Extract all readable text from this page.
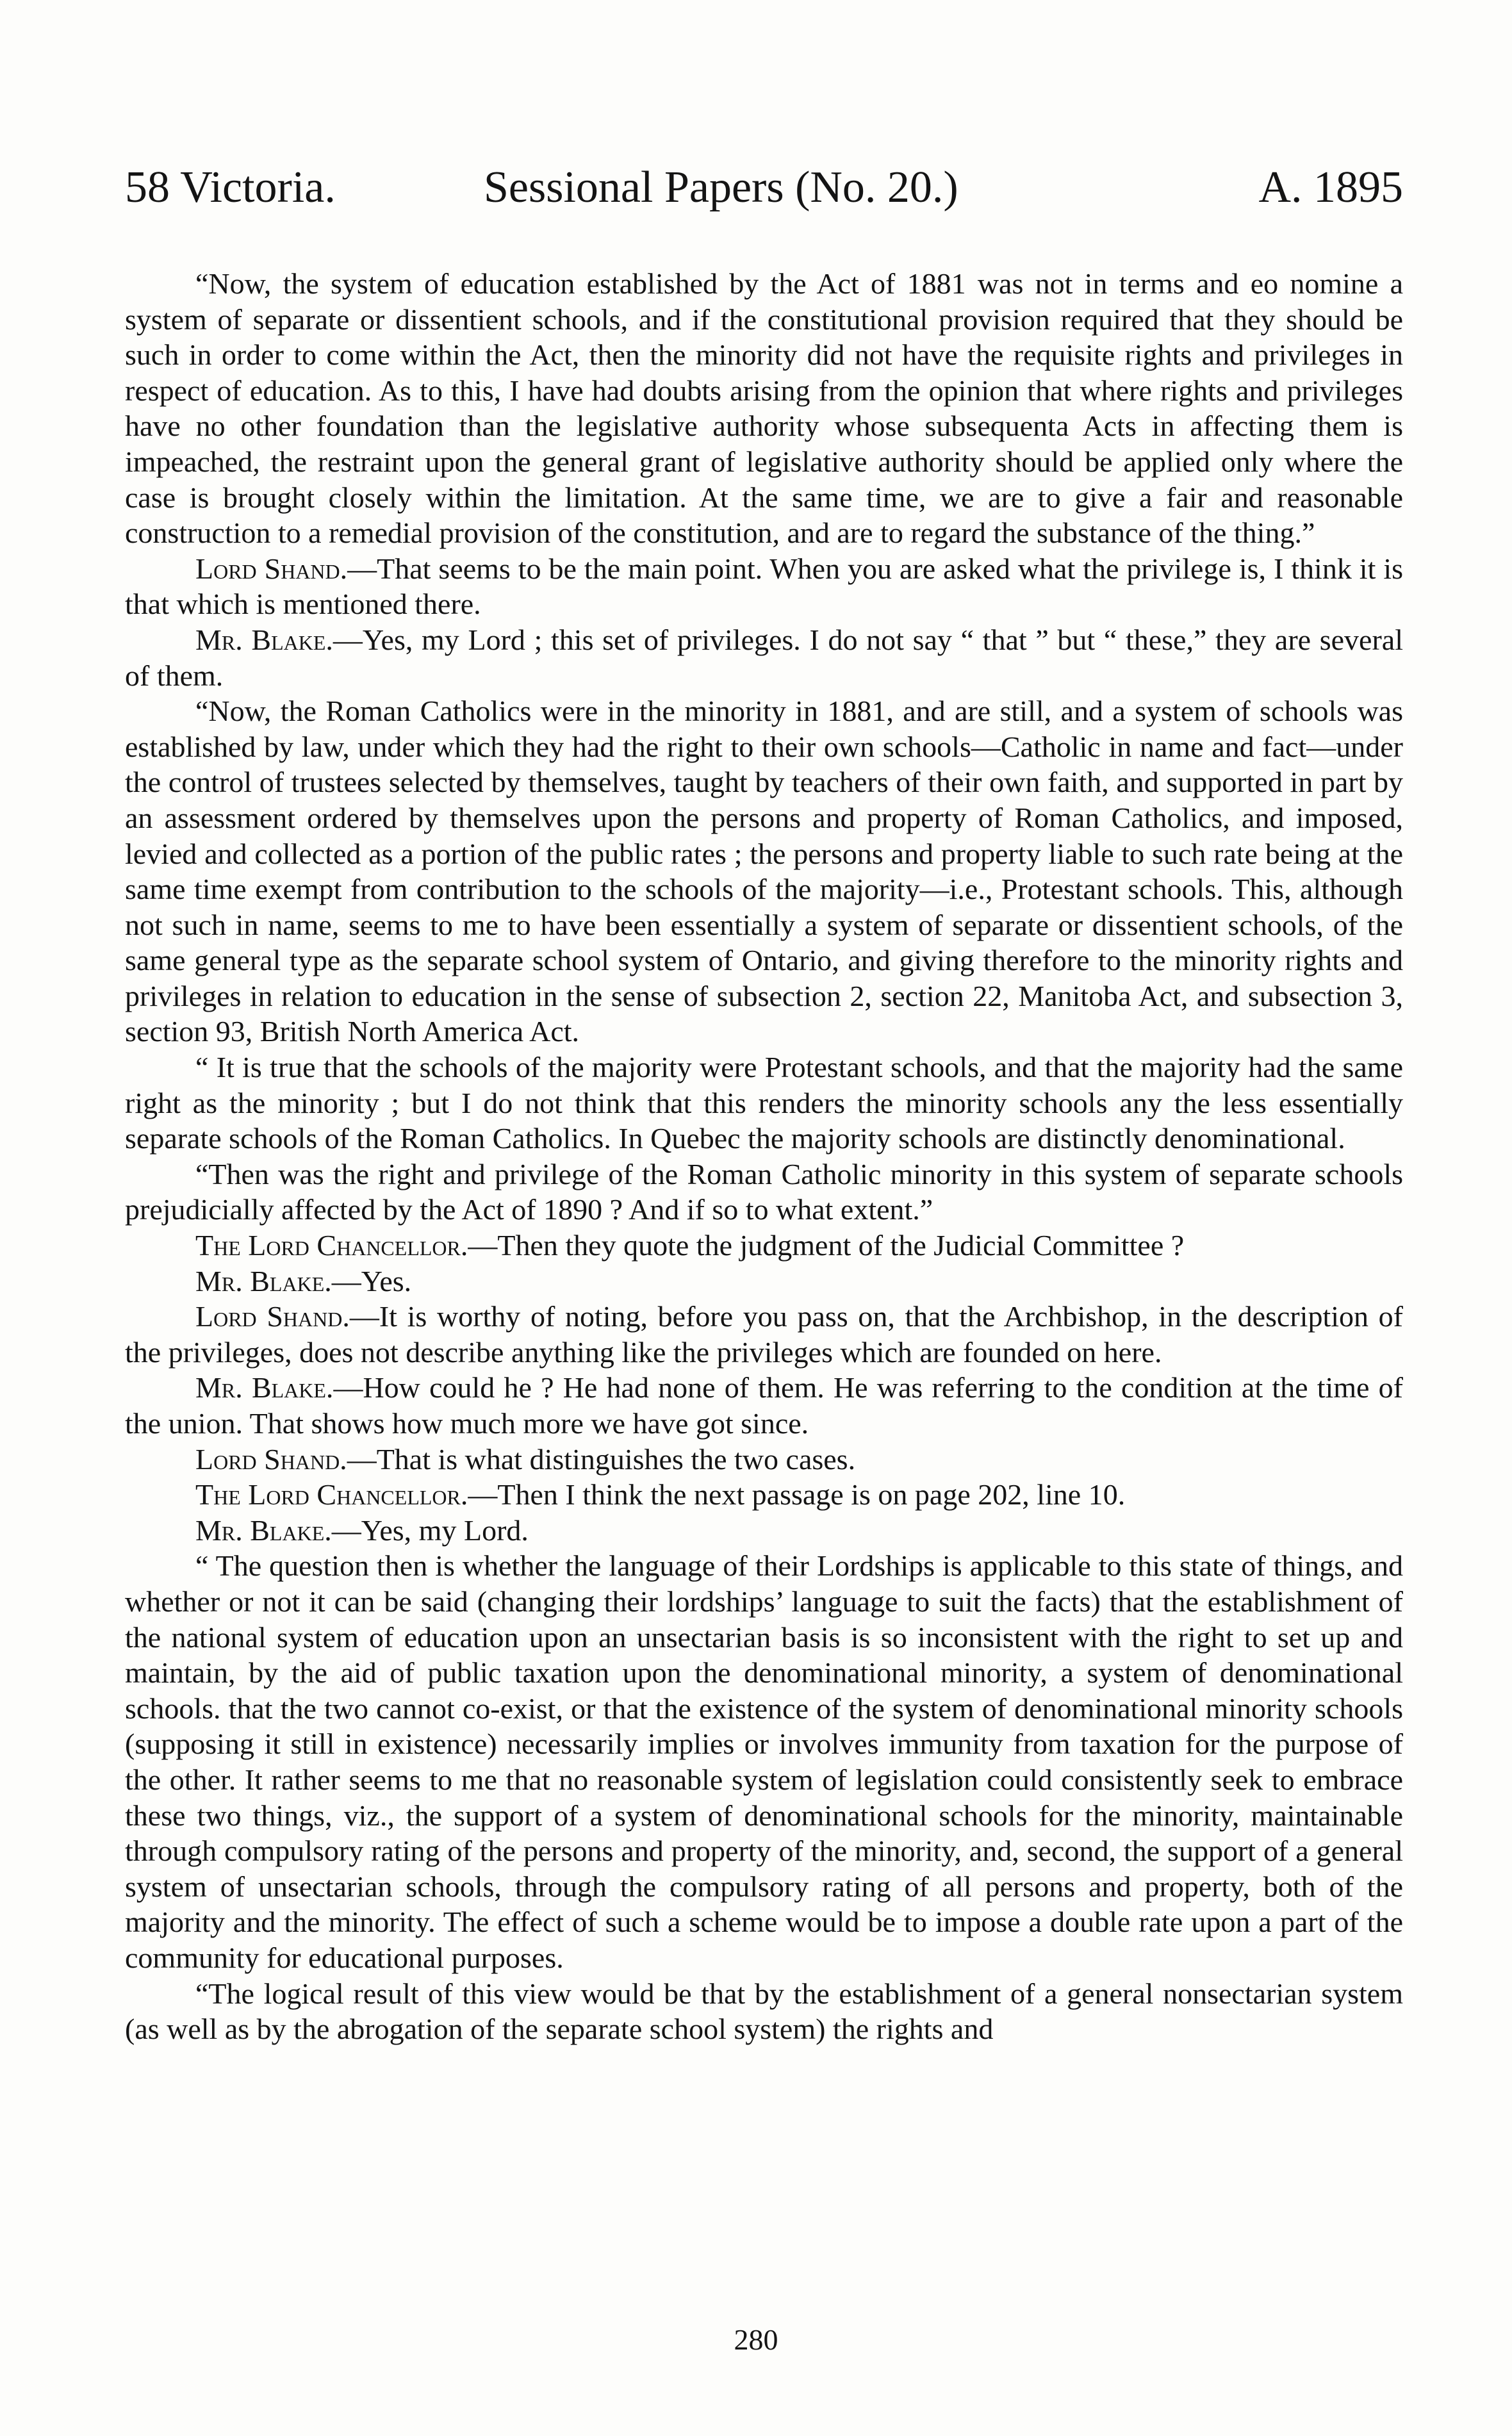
58 Victoria.	Sessional Papers (No. 20.)	A. 1895

“Now, the system of education established by the Act of 1881 was not in terms and eo nomine a system of separate or dissentient schools, and if the constitutional provision required that they should be such in order to come within the Act, then the minority did not have the requisite rights and privileges in respect of education. As to this, I have had doubts arising from the opinion that where rights and privileges have no other foundation than the legislative authority whose subsequenta Acts in affecting them is impeached, the restraint upon the general grant of legislative authority should be applied only where the case is brought closely within the limitation. At the same time, we are to give a fair and reasonable construction to a remedial provision of the constitution, and are to regard the substance of the thing.”

Lord Shand.—That seems to be the main point. When you are asked what the privilege is, I think it is that which is mentioned there.

Mr. Blake.—Yes, my Lord ; this set of privileges. I do not say “ that ” but “ these,” they are several of them.

“Now, the Roman Catholics were in the minority in 1881, and are still, and a system of schools was established by law, under which they had the right to their own schools—Catholic in name and fact—under the control of trustees selected by themselves, taught by teachers of their own faith, and supported in part by an assessment ordered by themselves upon the persons and property of Roman Catholics, and imposed, levied and collected as a portion of the public rates ; the persons and property liable to such rate being at the same time exempt from contribution to the schools of the majority—i.e., Protestant schools. This, although not such in name, seems to me to have been essentially a system of separate or dissentient schools, of the same general type as the separate school system of Ontario, and giving therefore to the minority rights and privileges in relation to education in the sense of subsection 2, section 22, Manitoba Act, and subsection 3, section 93, British North America Act.

“ It is true that the schools of the majority were Protestant schools, and that the majority had the same right as the minority ; but I do not think that this renders the minority schools any the less essentially separate schools of the Roman Catholics. In Quebec the majority schools are distinctly denominational.

“Then was the right and privilege of the Roman Catholic minority in this system of separate schools prejudicially affected by the Act of 1890 ? And if so to what extent.”

The Lord Chancellor.—Then they quote the judgment of the Judicial Committee ?

Mr. Blake.—Yes.

Lord Shand.—It is worthy of noting, before you pass on, that the Archbishop, in the description of the privileges, does not describe anything like the privileges which are founded on here.

Mr. Blake.—How could he ? He had none of them. He was referring to the condition at the time of the union. That shows how much more we have got since.

Lord Shand.—That is what distinguishes the two cases.

The Lord Chancellor.—Then I think the next passage is on page 202, line 10.

Mr. Blake.—Yes, my Lord.

“ The question then is whether the language of their Lordships is applicable to this state of things, and whether or not it can be said (changing their lordships’ language to suit the facts) that the establishment of the national system of education upon an unsectarian basis is so inconsistent with the right to set up and maintain, by the aid of public taxation upon the denominational minority, a system of denominational schools. that the two cannot co-exist, or that the existence of the system of denominational minority schools (supposing it still in existence) necessarily implies or involves immunity from taxation for the purpose of the other. It rather seems to me that no reasonable system of legislation could consistently seek to embrace these two things, viz., the support of a system of denominational schools for the minority, maintainable through compulsory rating of the persons and property of the minority, and, second, the support of a general system of unsectarian schools, through the compulsory rating of all persons and property, both of the majority and the minority. The effect of such a scheme would be to impose a double rate upon a part of the community for educational purposes.

“The logical result of this view would be that by the establishment of a general nonsectarian system (as well as by the abrogation of the separate school system) the rights and

280
